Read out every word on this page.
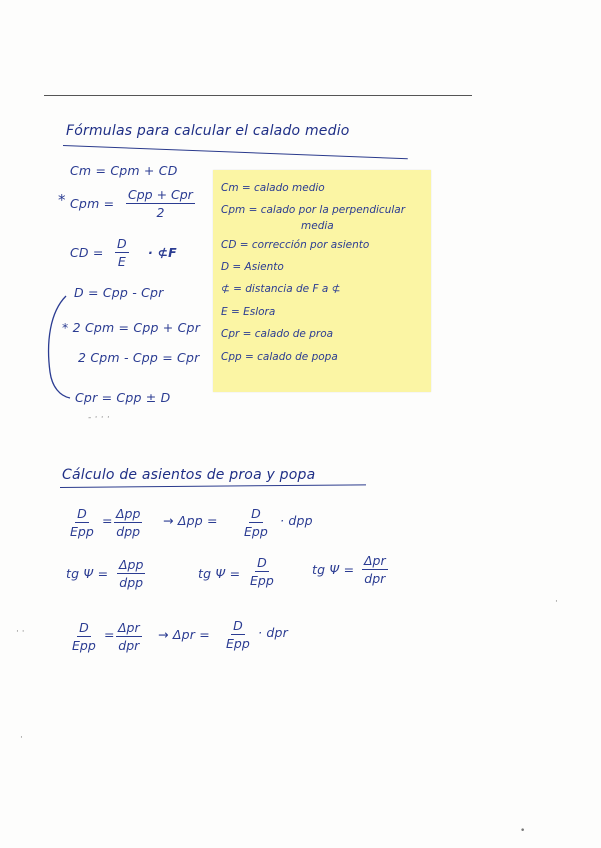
Fórmulas para calcular el calado medio
Cm = Cpm + CD
* Cpm =
Cpp + Cpr
2
CD = $\frac{D}{E}$ · ⊄F
D = Cpp - Cpr
* 2 Cpm = Cpp + Cpr
2 Cpm - Cpp = Cpr
Cpr = Cpp ± D
- · · ·
Cm = calado medio
Cpm = calado por la perpendicular
media
CD = corrección por asiento
D = Asiento
⊄ = distancia de F a ⊄
E = Eslora
Cpr = calado de proa
Cpp = calado de popa
Cálculo de asientos de proa y popa
D
Epp
= Δpp
dpp
→ Δpp =	D
Epp
· dpp
tg Ψ =
Δpp
dpp
tg Ψ =
D
Epp
tg Ψ =
Δpr
dpr
D
Epp
= Δpr
dpr
→ Δpr =
D
Epp
· dpr
· ·
·
•
·
